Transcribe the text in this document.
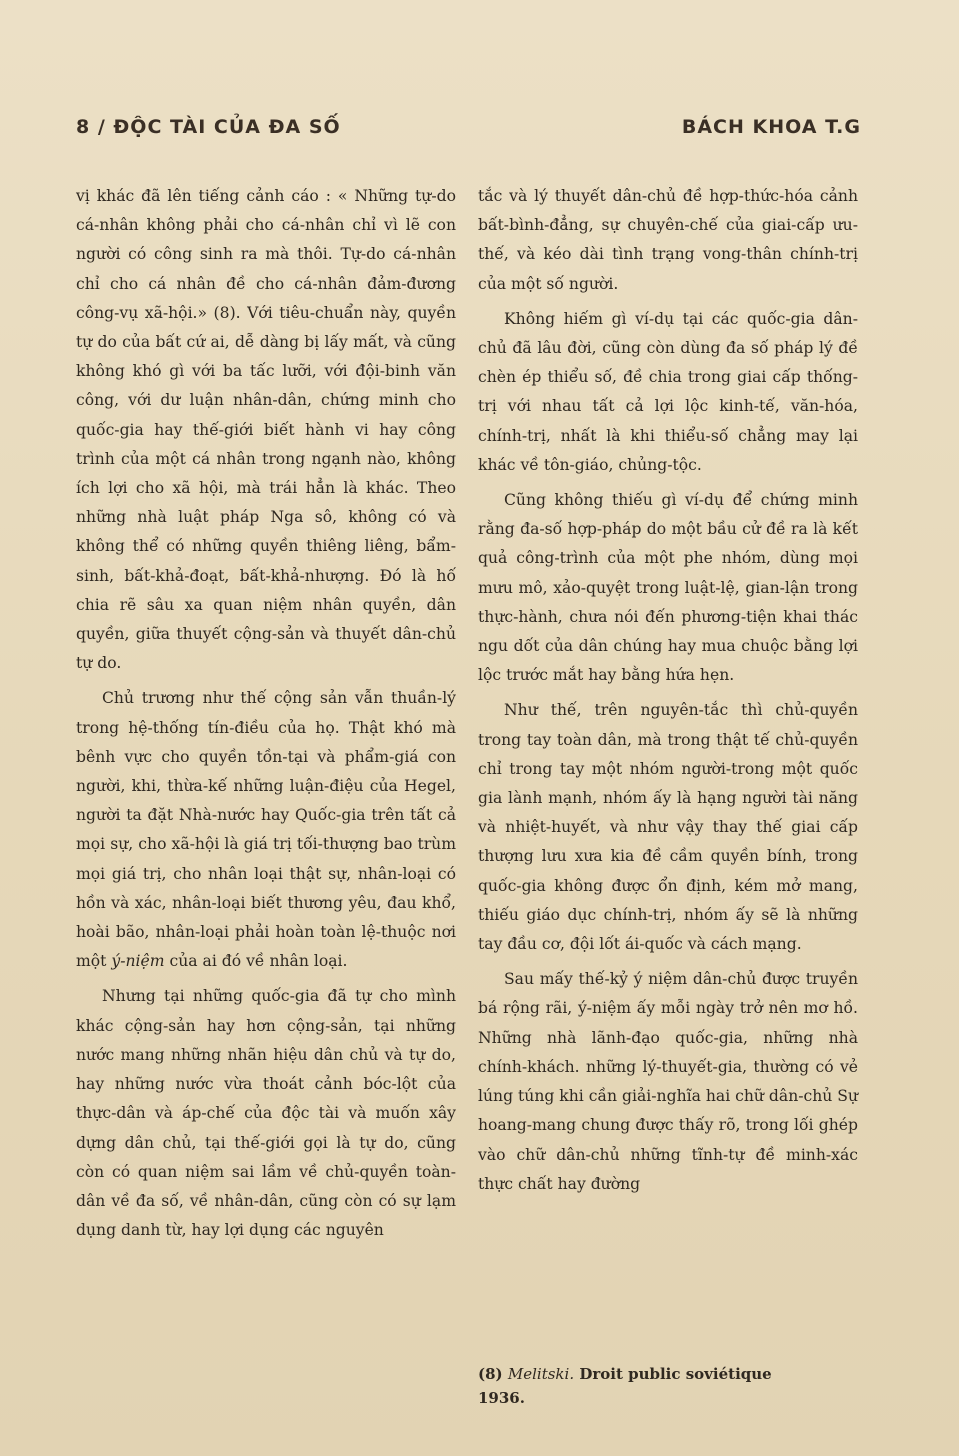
8 / ĐỘC TÀI CỦA ĐA SỐ	BÁCH KHOA T.G

vị khác đã lên tiếng cảnh cáo : « Những tự-do cá-nhân không phải cho cá-nhân chỉ vì lẽ con người có công sinh ra mà thôi. Tự-do cá-nhân chỉ cho cá nhân đề cho cá-nhân đảm-đương công-vụ xã-hội.» (8). Với tiêu-chuẩn này, quyền tự do của bất cứ ai, dễ dàng bị lấy mất, và cũng không khó gì với ba tấc lưỡi, với đội-binh văn công, với dư luận nhân-dân, chứng minh cho quốc-gia hay thế-giới biết hành vi hay công trình của một cá nhân trong ngạnh nào, không ích lợi cho xã hội, mà trái hẳn là khác. Theo những nhà luật pháp Nga sô, không có và không thể có những quyền thiêng liêng, bẩm-sinh, bất-khả-đoạt, bất-khả-nhượng. Đó là hố chia rẽ sâu xa quan niệm nhân quyền, dân quyền, giữa thuyết cộng-sản và thuyết dân-chủ tự do.

Chủ trương như thế cộng sản vẫn thuần-lý trong hệ-thống tín-điều của họ. Thật khó mà bênh vực cho quyền tồn-tại và phẩm-giá con người, khi, thừa-kế những luận-điệu của Hegel, người ta đặt Nhà-nước hay Quốc-gia trên tất cả mọi sự, cho xã-hội là giá trị tối-thượng bao trùm mọi giá trị, cho nhân loại thật sự, nhân-loại có hồn và xác, nhân-loại biết thương yêu, đau khổ, hoài bão, nhân-loại phải hoàn toàn lệ-thuộc nơi một ý-niệm của ai đó về nhân loại.

Nhưng tại những quốc-gia đã tự cho mình khác cộng-sản hay hơn cộng-sản, tại những nước mang những nhãn hiệu dân chủ và tự do, hay những nước vừa thoát cảnh bóc-lột của thực-dân và áp-chế của độc tài và muốn xây dựng dân chủ, tại thế-giới gọi là tự do, cũng còn có quan niệm sai lầm về chủ-quyền toàn-dân về đa số, về nhân-dân, cũng còn có sự lạm dụng danh từ, hay lợi dụng các nguyên

tắc và lý thuyết dân-chủ đề hợp-thức-hóa cảnh bất-bình-đẳng, sự chuyên-chế của giai-cấp ưu-thế, và kéo dài tình trạng vong-thân chính-trị của một số người.

Không hiếm gì ví-dụ tại các quốc-gia dân-chủ đã lâu đời, cũng còn dùng đa số pháp lý đề chèn ép thiểu số, đề chia trong giai cấp thống-trị với nhau tất cả lợi lộc kinh-tế, văn-hóa, chính-trị, nhất là khi thiểu-số chẳng may lại khác về tôn-giáo, chủng-tộc.

Cũng không thiếu gì ví-dụ để chứng minh rằng đa-số hợp-pháp do một bầu cử đề ra là kết quả công-trình của một phe nhóm, dùng mọi mưu mô, xảo-quyệt trong luật-lệ, gian-lận trong thực-hành, chưa nói đến phương-tiện khai thác ngu dốt của dân chúng hay mua chuộc bằng lợi lộc trước mắt hay bằng hứa hẹn.

Như thế, trên nguyên-tắc thì chủ-quyền trong tay toàn dân, mà trong thật tế chủ-quyền chỉ trong tay một nhóm người-trong một quốc gia lành mạnh, nhóm ấy là hạng người tài năng và nhiệt-huyết, và như vậy thay thế giai cấp thượng lưu xưa kia đề cầm quyền bính, trong quốc-gia không được ổn định, kém mở mang, thiếu giáo dục chính-trị, nhóm ấy sẽ là những tay đầu cơ, đội lốt ái-quốc và cách mạng.

Sau mấy thế-kỷ ý niệm dân-chủ được truyền bá rộng rãi, ý-niệm ấy mỗi ngày trở nên mơ hồ. Những nhà lãnh-đạo quốc-gia, những nhà chính-khách. những lý-thuyết-gia, thường có vẻ lúng túng khi cần giải-nghĩa hai chữ dân-chủ Sự hoang-mang chung được thấy rõ, trong lối ghép vào chữ dân-chủ những tĩnh-tự đề minh-xác thực chất hay đường

(8) Melitski. Droit public soviétique
1936.
